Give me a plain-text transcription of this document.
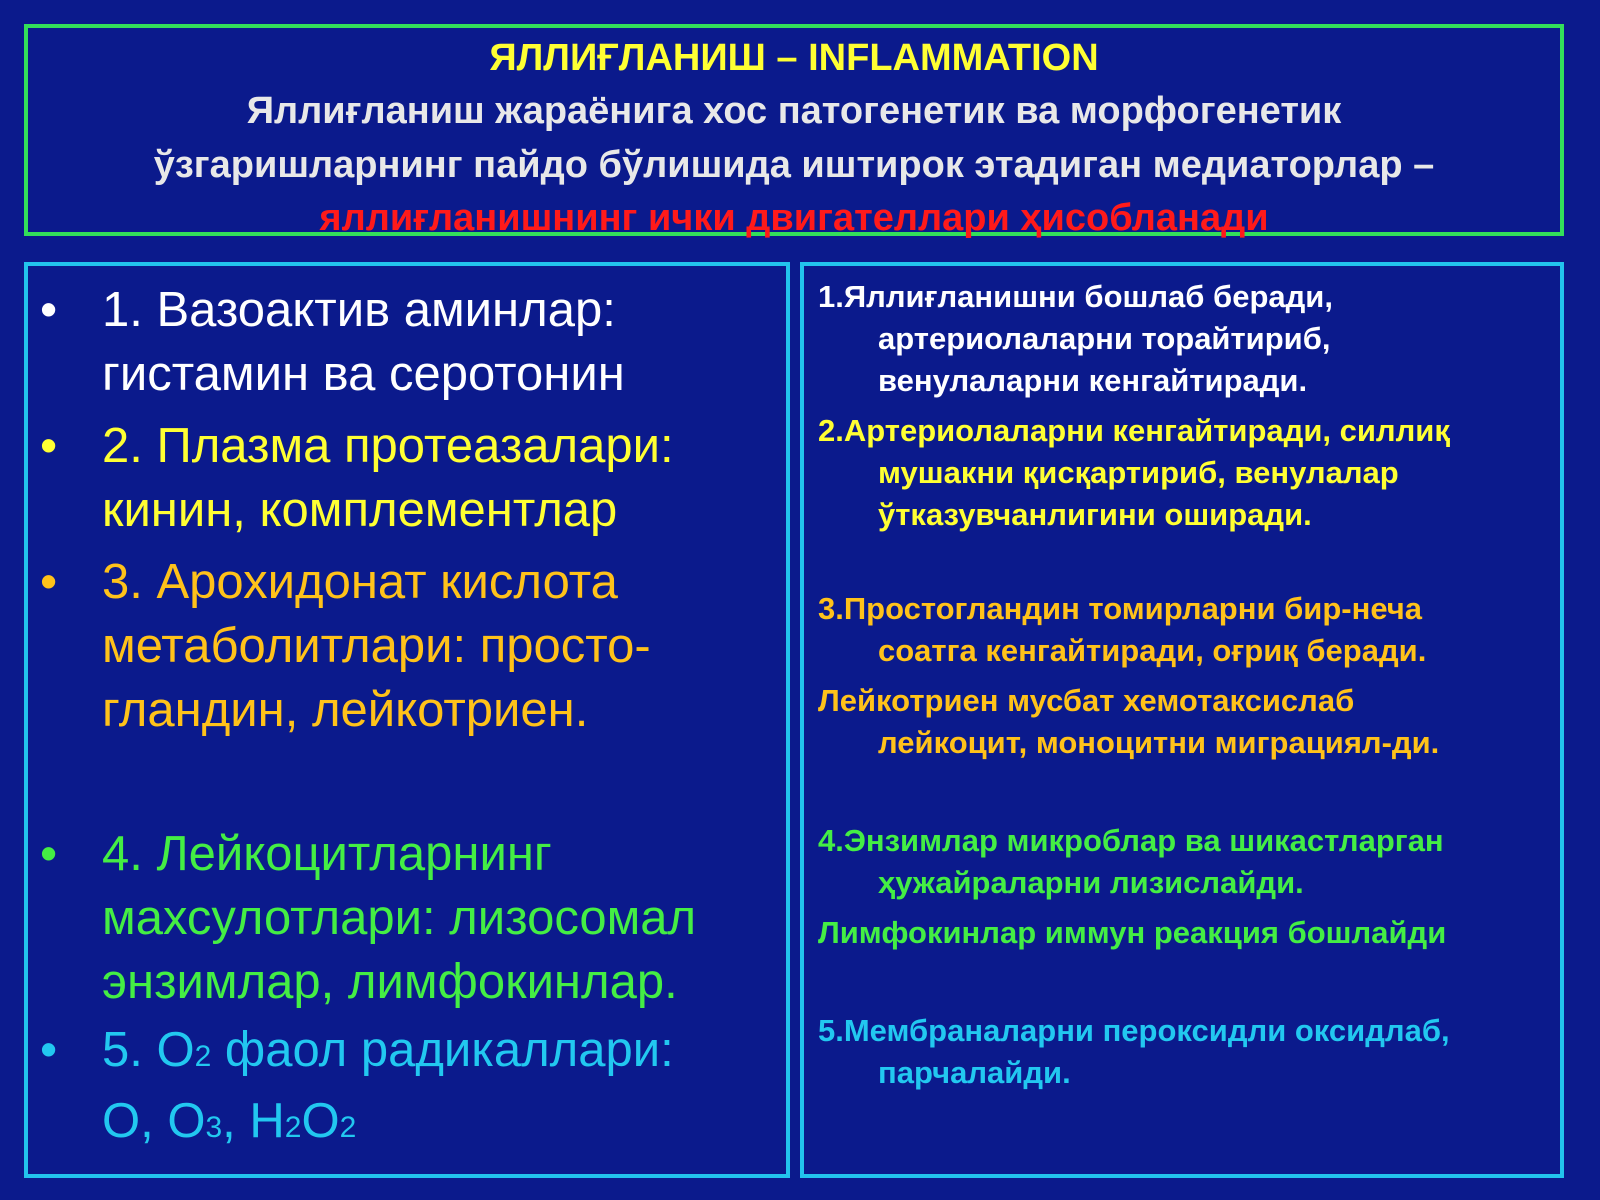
ЯЛЛИҒЛАНИШ – INFLAMMATION
Яллиғланиш жараёнига хос патогенетик ва морфогенетик
ўзгаришларнинг пайдо бўлишида иштирок этадиган медиаторлар –
яллиғланишнинг ички двигателлари ҳисобланади
• 1. Вазоактив аминлар:
гистамин ва серотонин
• 2. Плазма протеазалари:
кинин, комплементлар
• 3. Арохидонат кислота
метаболитлари: просто-
гландин, лейкотриен.
• 4. Лейкоцитларнинг
махсулотлари: лизосомал
энзимлар, лимфокинлар.
• 5. O2 фаол радикаллари:
O, O3, H2O2
1.Яллиғланишни бошлаб беради,
артериолаларни торайтириб,
венулаларни кенгайтиради.
2.Артериолаларни кенгайтиради, силлиқ
мушакни қисқартириб, венулалар
ўтказувчанлигини оширади.
3.Простогландин томирларни бир-неча
соатга кенгайтиради, оғриқ беради.
Лейкотриен мусбат хемотаксислаб
лейкоцит, моноцитни миграциял-ди.
4.Энзимлар микроблар ва шикастларган
ҳужайраларни лизислайди.
Лимфокинлар иммун реакция бошлайди
5.Мембраналарни пероксидли оксидлаб,
парчалайди.
